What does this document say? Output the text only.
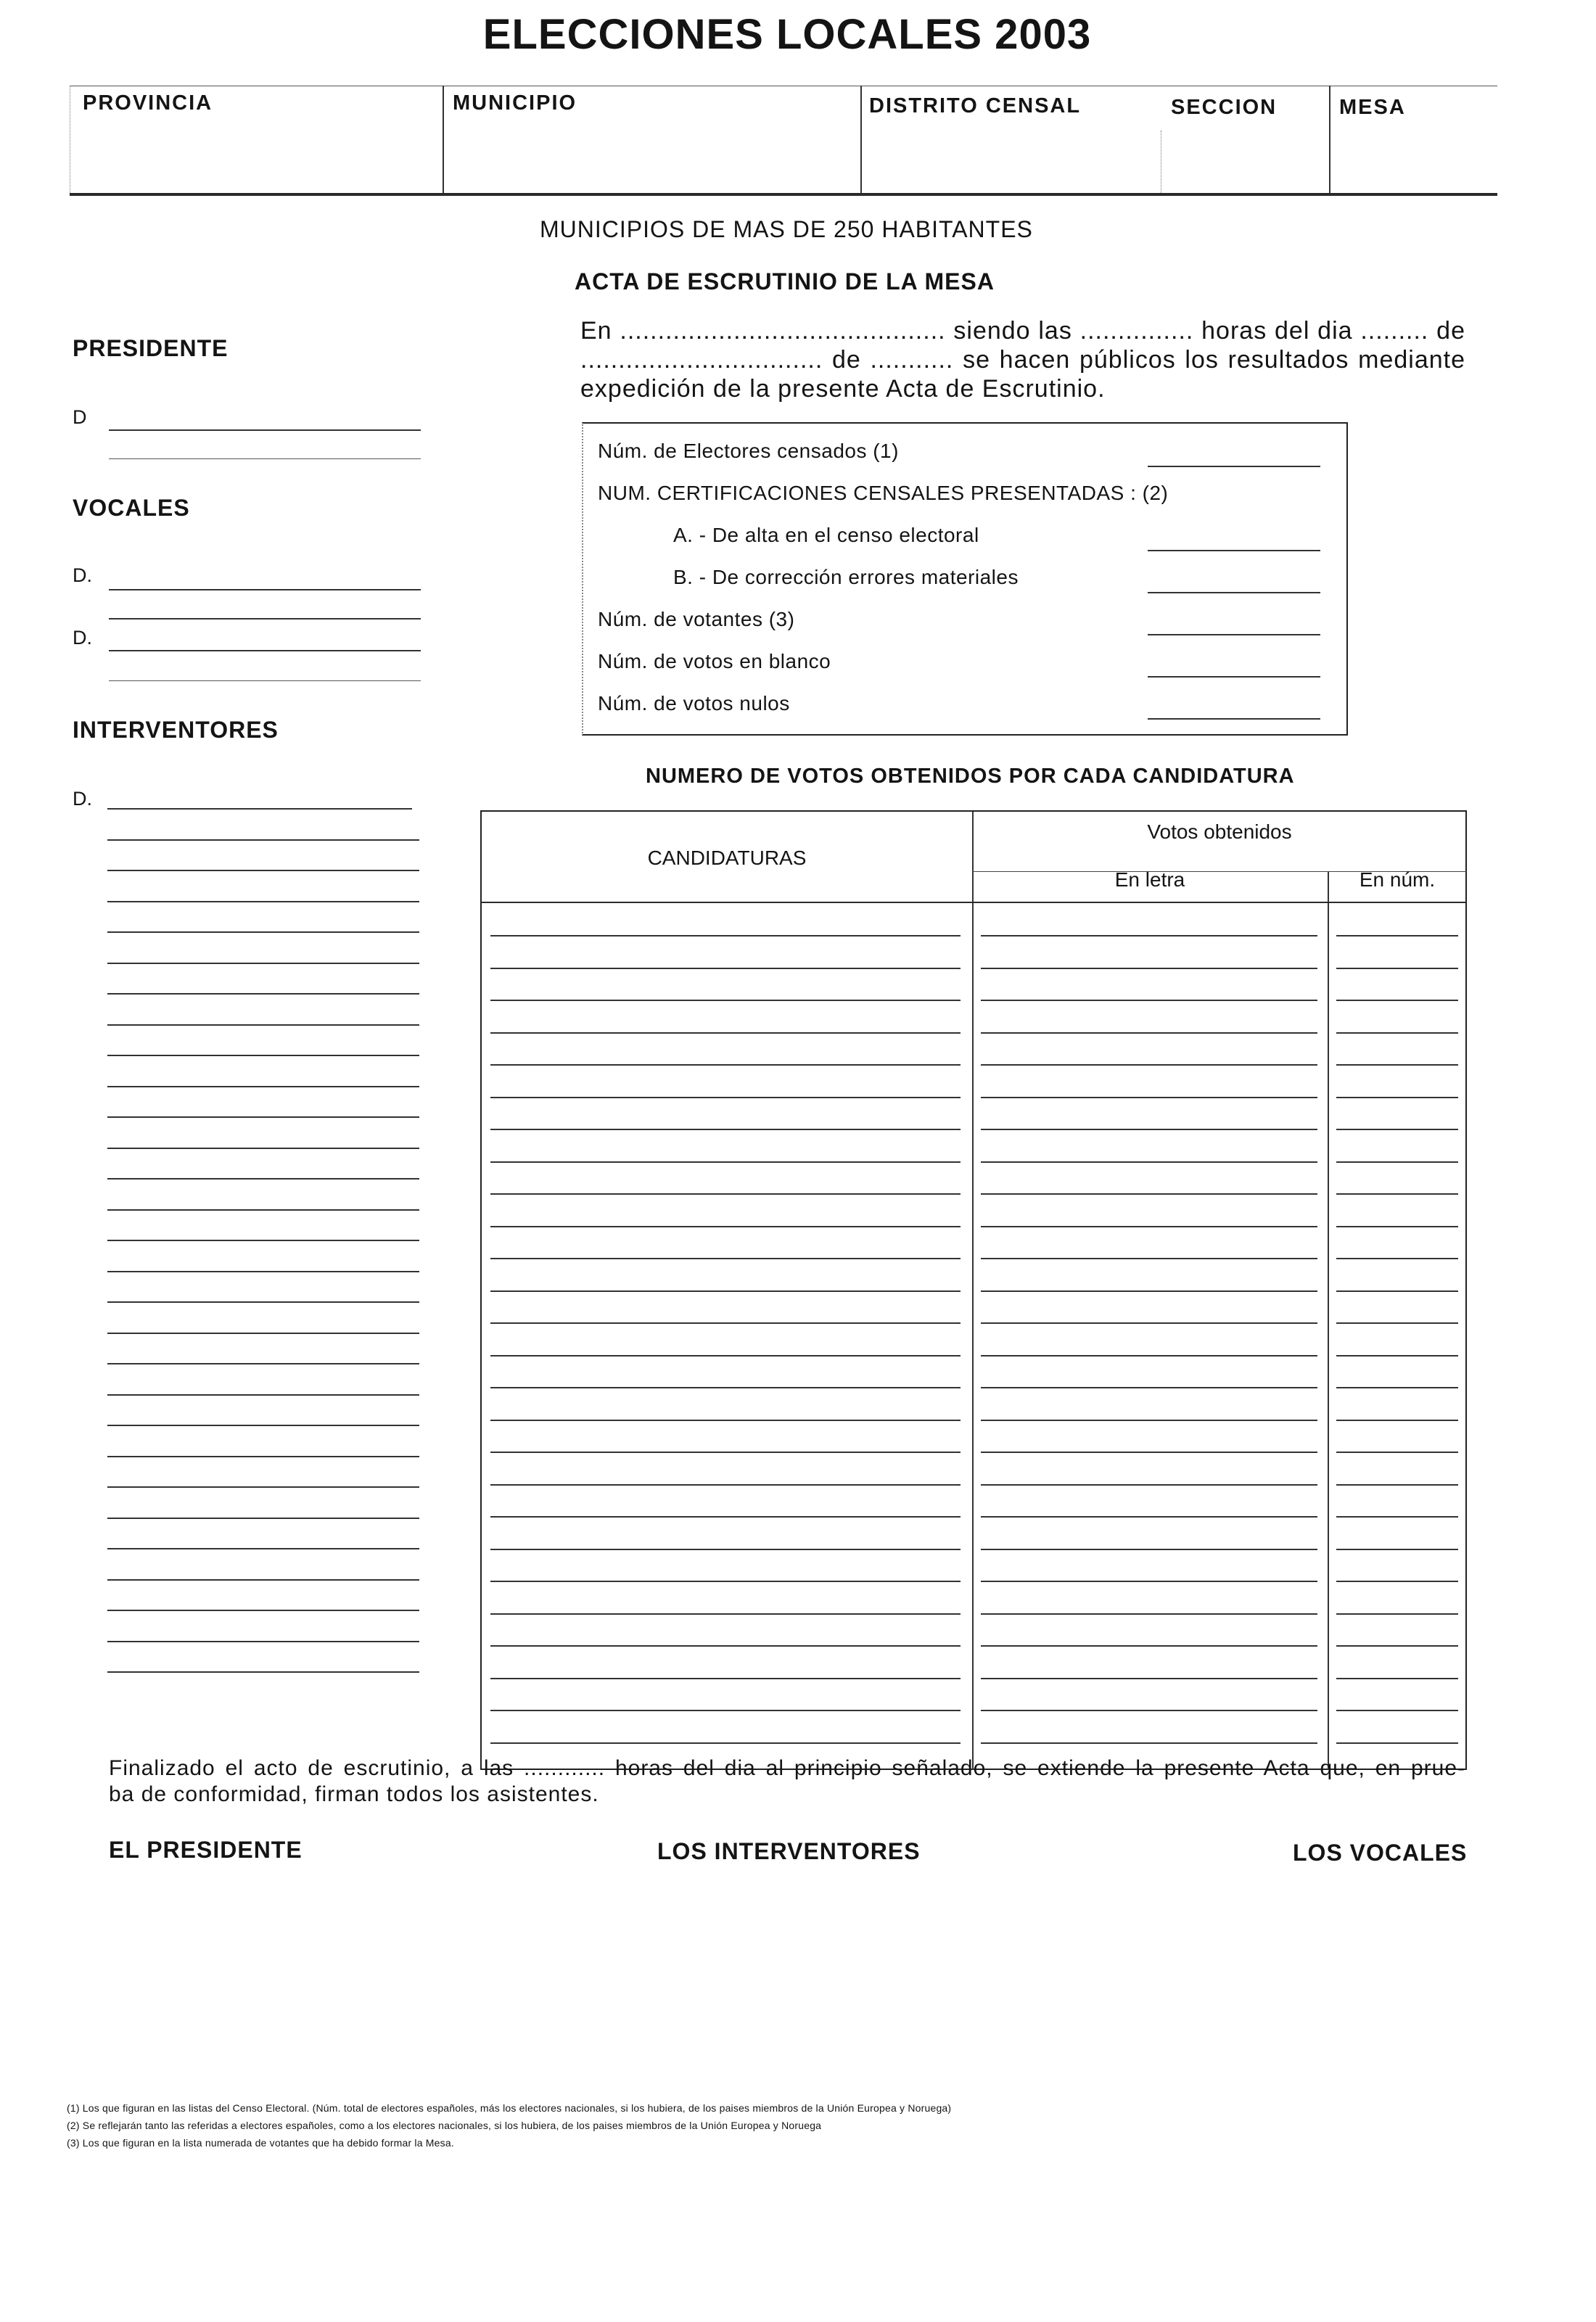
ELECCIONES LOCALES 2003
PROVINCIA	MUNICIPIO	DISTRITO CENSAL	SECCION	MESA
MUNICIPIOS DE MAS DE 250 HABITANTES
ACTA DE ESCRUTINIO DE LA MESA
En ........................................... siendo las ............... horas del dia ......... de
................................ de ........... se hacen públicos los resultados mediante
expedición de la presente Acta de Escrutinio.
PRESIDENTE
D
VOCALES
D.
D.
INTERVENTORES
D.
Núm. de Electores censados (1)
NUM. CERTIFICACIONES CENSALES PRESENTADAS : (2)
A. - De alta en el censo electoral
B. - De corrección errores materiales
Núm. de votantes (3)
Núm. de votos en blanco
Núm. de votos nulos
NUMERO DE VOTOS OBTENIDOS POR CADA CANDIDATURA
CANDIDATURAS
Votos obtenidos
En letra	En núm.
Finalizado el acto de escrutinio, a las ............ horas del dia al principio señalado, se extiende la presente Acta que, en prue-
ba de conformidad, firman todos los asistentes.
EL PRESIDENTE	LOS INTERVENTORES	LOS VOCALES
(1) Los que figuran en las listas del Censo Electoral. (Núm. total de electores españoles, más los electores nacionales, si los hubiera, de los paises miembros de la Unión Europea y Noruega)
(2) Se reflejarán tanto las referidas a electores españoles, como a los electores nacionales, si los hubiera, de los paises miembros de la Unión Europea y Noruega
(3) Los que figuran en la lista numerada de votantes que ha debido formar la Mesa.
